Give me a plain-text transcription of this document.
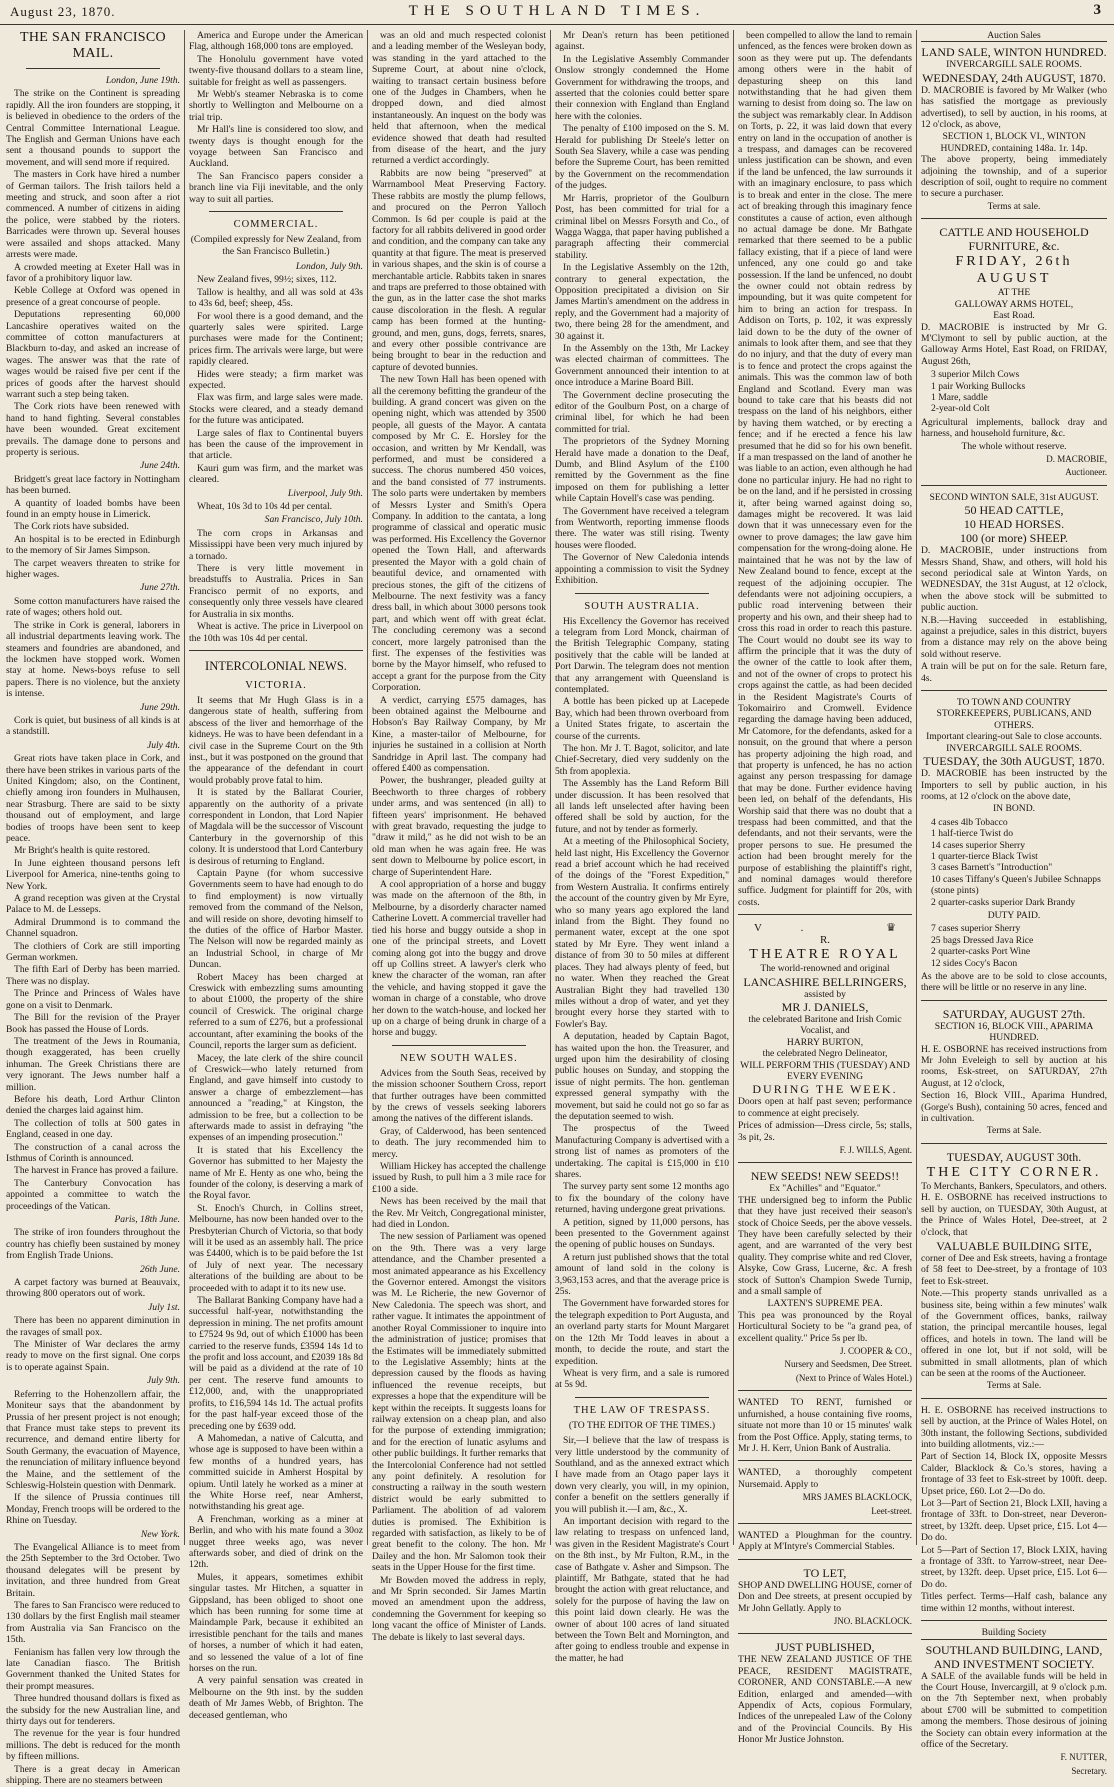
August 23, 1870.	THE SOUTHLAND TIMES.	3
THE SAN FRANCISCO MAIL.

London, June 19th.

The strike on the Continent is spreading rapidly. All the iron founders are stopping, it is believed in obedience to the orders of the Central Committee International League. The English and German Unions have each sent a thousand pounds to support the movement, and will send more if required.

The masters in Cork have hired a number of German tailors. The Irish tailors held a meeting and struck, and soon after a riot commenced. A number of citizens in aiding the police, were stabbed by the rioters. Barricades were thrown up. Several houses were assailed and shops attacked. Many arrests were made.

A crowded meeting at Exeter Hall was in favor of a prohibitory liquor law.

Keble College at Oxford was opened in presence of a great concourse of people.

Deputations representing 60,000 Lancashire operatives waited on the committee of cotton manufacturers at Blackburn to-day, and asked an increase of wages. The answer was that the rate of wages would be raised five per cent if the prices of goods after the harvest should warrant such a step being taken.

The Cork riots have been renewed with hand to hand fighting. Several constables have been wounded. Great excitement prevails. The damage done to persons and property is serious.

June 24th.

Bridgett's great lace factory in Nottingham has been burned.

A quantity of loaded bombs have been found in an empty house in Limerick.

The Cork riots have subsided.

An hospital is to be erected in Edinburgh to the memory of Sir James Simpson.

The carpet weavers threaten to strike for higher wages.

June 27th.

Some cotton manufacturers have raised the rate of wages; others hold out.

The strike in Cork is general, laborers in all industrial departments leaving work. The steamers and foundries are abandoned, and the lockmen have stopped work. Women stay at home. News-boys refuse to sell papers. There is no violence, but the anxiety is intense.

June 29th.

Cork is quiet, but business of all kinds is at a standstill.

July 4th.

Great riots have taken place in Cork, and there have been strikes in various parts of the United Kingdom; also, on the Continent, chiefly among iron founders in Mulhausen, near Strasburg. There are said to be sixty thousand out of employment, and large bodies of troops have been sent to keep peace.

Mr Bright's health is quite restored.

In June eighteen thousand persons left Liverpool for America, nine-tenths going to New York.

A grand reception was given at the Crystal Palace to M. de Lesseps.

Admiral Drummond is to command the Channel squadron.

The clothiers of Cork are still importing German workmen.

The fifth Earl of Derby has been married. There was no display.

The Prince and Princess of Wales have gone on a visit to Denmark.

The Bill for the revision of the Prayer Book has passed the House of Lords.

The treatment of the Jews in Roumania, though exaggerated, has been cruelly inhuman. The Greek Christians there are very ignorant. The Jews number half a million.

Before his death, Lord Arthur Clinton denied the charges laid against him.

The collection of tolls at 500 gates in England, ceased in one day.

The construction of a canal across the Isthmus of Corinth is announced.

The harvest in France has proved a failure.

The Canterbury Convocation has appointed a committee to watch the proceedings of the Vatican.

Paris, 18th June.

The strike of iron founders throughout the country has chiefly been sustained by money from English Trade Unions.

26th June.

A carpet factory was burned at Beauvaix, throwing 800 operators out of work.

July 1st.

There has been no apparent diminution in the ravages of small pox.

The Minister of War declares the army ready to move on the first signal. One corps is to operate against Spain.

July 9th.

Referring to the Hohenzollern affair, the Moniteur says that the abandonment by Prussia of her present project is not enough; that France must take steps to prevent its recurrence, and demand entire liberty for South Germany, the evacuation of Mayence, the renunciation of military influence beyond the Maine, and the settlement of the Schleswig-Holstein question with Denmark.

If the silence of Prussia continues till Monday, French troops will be ordered to the Rhine on Tuesday.

New York.

The Evangelical Alliance is to meet from the 25th September to the 3rd October. Two thousand delegates will be present by invitation, and three hundred from Great Britain.

The fares to San Francisco were reduced to 130 dollars by the first English mail steamer from Australia via San Francisco on the 15th.

Fenianism has fallen very low through the late Canadian fiasco. The British Government thanked the United States for their prompt measures.

Three hundred thousand dollars is fixed as the subsidy for the new Australian line, and thirty days out for tenderers.

The revenue for the year is four hundred millions. The debt is reduced for the month by fifteen millions.

There is a great decay in American shipping. There are no steamers between

America and Europe under the American Flag, although 168,000 tons are employed.

The Honolulu government have voted twenty-five thousand dollars to a steam line, suitable for freight as well as passengers.

Mr Webb's steamer Nebraska is to come shortly to Wellington and Melbourne on a trial trip.

Mr Hall's line is considered too slow, and twenty days is thought enough for the voyage between San Francisco and Auckland.

The San Francisco papers consider a branch line via Fiji inevitable, and the only way to suit all parties.

COMMERCIAL.

(Compiled expressly for New Zealand, from the San Francisco Bulletin.)

London, July 9th.

New Zealand fives, 99½; sixes, 112.

Tallow is healthy, and all was sold at 43s to 43s 6d, beef; sheep, 45s.

For wool there is a good demand, and the quarterly sales were spirited. Large purchases were made for the Continent; prices firm. The arrivals were large, but were rapidly cleared.

Hides were steady; a firm market was expected.

Flax was firm, and large sales were made. Stocks were cleared, and a steady demand for the future was anticipated.

Large sales of flax to Continental buyers has been the cause of the improvement in that article.

Kauri gum was firm, and the market was cleared.

Liverpool, July 9th.

Wheat, 10s 3d to 10s 4d per cental.

San Francisco, July 10th.

The corn crops in Arkansas and Mississippi have been very much injured by a tornado.

There is very little movement in breadstuffs to Australia. Prices in San Francisco permit of no exports, and consequently only three vessels have cleared for Australia in six months.

Wheat is active. The price in Liverpool on the 10th was 10s 4d per cental.

INTERCOLONIAL NEWS.
VICTORIA.

It seems that Mr Hugh Glass is in a dangerous state of health, suffering from abscess of the liver and hemorrhage of the kidneys. He was to have been defendant in a civil case in the Supreme Court on the 9th inst., but it was postponed on the ground that the appearance of the defendant in court would probably prove fatal to him.

It is stated by the Ballarat Courier, apparently on the authority of a private correspondent in London, that Lord Napier of Magdala will be the successor of Viscount Canterbury in the governorship of this colony. It is understood that Lord Canterbury is desirous of returning to England.

Captain Payne (for whom successive Governments seem to have had enough to do to find employment) is now virtually removed from the command of the Nelson, and will reside on shore, devoting himself to the duties of the office of Harbor Master. The Nelson will now be regarded mainly as an Industrial School, in charge of Mr Duncan.

Robert Macey has been charged at Creswick with embezzling sums amounting to about £1000, the property of the shire council of Creswick. The original charge referred to a sum of £276, but a professional accountant, after examining the books of the Council, reports the larger sum as deficient.

Macey, the late clerk of the shire council of Creswick—who lately returned from England, and gave himself into custody to answer a charge of embezzlement—has announced a "reading," at Kingston, the admission to be free, but a collection to be afterwards made to assist in defraying "the expenses of an impending prosecution."

It is stated that his Excellency the Governor has submitted to her Majesty the name of Mr E. Henty as one who, being the founder of the colony, is deserving a mark of the Royal favor.

St. Enoch's Church, in Collins street, Melbourne, has now been handed over to the Presbyterian Church of Victoria, so that body will it be used as an assembly hall. The price was £4400, which is to be paid before the 1st of July of next year. The necessary alterations of the building are about to be proceeded with to adapt it to its new use.

The Ballarat Banking Company have had a successful half-year, notwithstanding the depression in mining. The net profits amount to £7524 9s 9d, out of which £1000 has been carried to the reserve funds, £3594 14s 1d to the profit and loss account, and £2039 18s 8d will be paid as a dividend at the rate of 10 per cent. The reserve fund amounts to £12,000, and, with the unappropriated profits, to £16,594 14s 1d. The actual profits for the past half-year exceed those of the preceding one by £639 odd.

A Mahomedan, a native of Calcutta, and whose age is supposed to have been within a few months of a hundred years, has committed suicide in Amherst Hospital by opium. Until lately he worked as a miner at the White Horse reef, near Amherst, notwithstanding his great age.

A Frenchman, working as a miner at Berlin, and who with his mate found a 30oz nugget three weeks ago, was never afterwards sober, and died of drink on the 12th.

Mules, it appears, sometimes exhibit singular tastes. Mr Hitchen, a squatter in Gippsland, has been obliged to shoot one which has been running for some time at Maindample Park, because it exhibited an irresistible penchant for the tails and manes of horses, a number of which it had eaten, and so lessened the value of a lot of fine horses on the run.

A very painful sensation was created in Melbourne on the 9th inst. by the sudden death of Mr James Webb, of Brighton. The deceased gentleman, who

was an old and much respected colonist and a leading member of the Wesleyan body, was standing in the yard attached to the Supreme Court, at about nine o'clock, waiting to transact certain business before one of the Judges in Chambers, when he dropped down, and died almost instantaneously. An inquest on the body was held that afternoon, when the medical evidence showed that death had resulted from disease of the heart, and the jury returned a verdict accordingly.

Rabbits are now being "preserved" at Warrnambool Meat Preserving Factory. These rabbits are mostly the plump fellows, and procured on the Perron Yalloch Common. Is 6d per couple is paid at the factory for all rabbits delivered in good order and condition, and the company can take any quantity at that figure. The meat is preserved in various shapes, and the skin is of course a merchantable article. Rabbits taken in snares and traps are preferred to those obtained with the gun, as in the latter case the shot marks cause discoloration in the flesh. A regular camp has been formed at the hunting-ground, and men, guns, dogs, ferrets, snares, and every other possible contrivance are being brought to bear in the reduction and capture of devoted bunnies.

The new Town Hall has been opened with all the ceremony befitting the grandeur of the building. A grand concert was given on the opening night, which was attended by 3500 people, all guests of the Mayor. A cantata composed by Mr C. E. Horsley for the occasion, and written by Mr Kendall, was performed, and must be considered a success. The chorus numbered 450 voices, and the band consisted of 77 instruments. The solo parts were undertaken by members of Messrs Lyster and Smith's Opera Company. In addition to the cantata, a long programme of classical and operatic music was performed. His Excellency the Governor opened the Town Hall, and afterwards presented the Mayor with a gold chain of beautiful device, and ornamented with precious stones, the gift of the citizens of Melbourne. The next festivity was a fancy dress ball, in which about 3000 persons took part, and which went off with great éclat. The concluding ceremony was a second concert, more largely patronised than the first. The expenses of the festivities was borne by the Mayor himself, who refused to accept a grant for the purpose from the City Corporation.

A verdict, carrying £575 damages, has been obtained against the Melbourne and Hobson's Bay Railway Company, by Mr Kine, a master-tailor of Melbourne, for injuries he sustained in a collision at North Sandridge in April last. The company had offered £400 as compensation.

Power, the bushranger, pleaded guilty at Beechworth to three charges of robbery under arms, and was sentenced (in all) to fifteen years' imprisonment. He behaved with great bravado, requesting the judge to "draw it mild," as he did not wish to be an old man when he was again free. He was sent down to Melbourne by police escort, in charge of Superintendent Hare.

A cool appropriation of a horse and buggy was made on the afternoon of the 8th, in Melbourne, by a disorderly character named Catherine Lovett. A commercial traveller had tied his horse and buggy outside a shop in one of the principal streets, and Lovett coming along got into the buggy and drove off up Collins street. A lawyer's clerk who knew the character of the woman, ran after the vehicle, and having stopped it gave the woman in charge of a constable, who drove her down to the watch-house, and locked her up on a charge of being drunk in charge of a horse and buggy.

NEW SOUTH WALES.

Advices from the South Seas, received by the mission schooner Southern Cross, report that further outrages have been committed by the crews of vessels seeking laborers among the natives of the different islands.

Gray, of Calderwood, has been sentenced to death. The jury recommended him to mercy.

William Hickey has accepted the challenge issued by Rush, to pull him a 3 mile race for £100 a side.

News has been received by the mail that the Rev. Mr Veitch, Congregational minister, had died in London.

The new session of Parliament was opened on the 9th. There was a very large attendance, and the Chamber presented a most animated appearance as his Excellency the Governor entered. Amongst the visitors was M. Le Richerie, the new Governor of New Caledonia. The speech was short, and rather vague. It intimates the appointment of another Royal Commissioner to inquire into the administration of justice; promises that the Estimates will be immediately submitted to the Legislative Assembly; hints at the depression caused by the floods as having influenced the revenue receipts, but expresses a hope that the expenditure will be kept within the receipts. It suggests loans for railway extension on a cheap plan, and also for the purpose of extending immigration; and for the erection of lunatic asylums and other public buildings. It further remarks that the Intercolonial Conference had not settled any point definitely. A resolution for constructing a railway in the south western district would be early submitted to Parliament. The abolition of ad valorem duties is promised. The Exhibition is regarded with satisfaction, as likely to be of great benefit to the colony. The hon. Mr Dailey and the hon. Mr Salomon took their seats in the Upper House for the first time.

Mr Bowden moved the address in reply, and Mr Sprin seconded. Sir James Martin moved an amendment upon the address, condemning the Government for keeping so long vacant the office of Minister of Lands. The debate is likely to last several days.

Mr Dean's return has been petitioned against.

In the Legislative Assembly Commander Onslow strongly condemned the Home Government for withdrawing the troops, and asserted that the colonies could better spare their connexion with England than England here with the colonies.

The penalty of £100 imposed on the S. M. Herald for publishing Dr Steele's letter on South Sea Slavery, while a case was pending before the Supreme Court, has been remitted by the Government on the recommendation of the judges.

Mr Harris, proprietor of the Goulburn Post, has been committed for trial for a criminal libel on Messrs Forsyth and Co., of Wagga Wagga, that paper having published a paragraph affecting their commercial stability.

In the Legislative Assembly on the 12th, contrary to general expectation, the Opposition precipitated a division on Sir James Martin's amendment on the address in reply, and the Government had a majority of two, there being 28 for the amendment, and 30 against it.

In the Assembly on the 13th, Mr Lackey was elected chairman of committees. The Government announced their intention to at once introduce a Marine Board Bill.

The Government decline prosecuting the editor of the Goulburn Post, on a charge of criminal libel, for which he had been committed for trial.

The proprietors of the Sydney Morning Herald have made a donation to the Deaf, Dumb, and Blind Asylum of the £100 remitted by the Government as the fine imposed on them for publishing a letter while Captain Hovell's case was pending.

The Government have received a telegram from Wentworth, reporting immense floods there. The water was still rising. Twenty houses were flooded.

The Governor of New Caledonia intends appointing a commission to visit the Sydney Exhibition.

SOUTH AUSTRALIA.

His Excellency the Governor has received a telegram from Lord Monck, chairman of the British Telegraphic Company, stating positively that the cable will be landed at Port Darwin. The telegram does not mention that any arrangement with Queensland is contemplated.

A bottle has been picked up at Lacepede Bay, which had been thrown overboard from a United States frigate, to ascertain the course of the currents.

The hon. Mr J. T. Bagot, solicitor, and late Chief-Secretary, died very suddenly on the 5th from apoplexia.

The Assembly has the Land Reform Bill under discussion. It has been resolved that all lands left unselected after having been offered shall be sold by auction, for the future, and not by tender as formerly.

At a meeting of the Philosophical Society, held last night, His Excellency the Governor read a brief account which he had received of the doings of the "Forest Expedition," from Western Australia. It confirms entirely the account of the country given by Mr Eyre, who so many years ago explored the land inland from the Bight. They found no permanent water, except at the one spot stated by Mr Eyre. They went inland a distance of from 30 to 50 miles at different places. They had always plenty of feed, but no water. When they reached the Great Australian Bight they had travelled 130 miles without a drop of water, and yet they brought every horse they started with to Fowler's Bay.

A deputation, headed by Captain Bagot, has waited upon the hon. the Treasurer, and urged upon him the desirability of closing public houses on Sunday, and stopping the issue of night permits. The hon. gentleman expressed general sympathy with the movement, but said he could not go so far as the deputation seemed to wish.

The prospectus of the Tweed Manufacturing Company is advertised with a strong list of names as promoters of the undertaking. The capital is £15,000 in £10 shares.

The survey party sent some 12 months ago to fix the boundary of the colony have returned, having undergone great privations.

A petition, signed by 11,000 persons, has been presented to the Government against the opening of public houses on Sundays.

A return just published shows that the total amount of land sold in the colony is 3,963,153 acres, and that the average price is 25s.

The Government have forwarded stores for the telegraph expedition to Port Augusta, and an overland party starts for Mount Margaret on the 12th Mr Todd leaves in about a month, to decide the route, and start the expedition.

Wheat is very firm, and a sale is rumored at 5s 9d.

THE LAW OF TRESPASS.

(TO THE EDITOR OF THE TIMES.)

Sir,—I believe that the law of trespass is very little understood by the community of Southland, and as the annexed extract which I have made from an Otago paper lays it down very clearly, you will, in my opinion, confer a benefit on the settlers generally if you will publish it.—I am, &c., X.

An important decision with regard to the law relating to trespass on unfenced land, was given in the Resident Magistrate's Court on the 8th inst., by Mr Fulton, R.M., in the case of Bathgate v. Asher and Simpson. The plaintiff, Mr Bathgate, stated that he had brought the action with great reluctance, and solely for the purpose of having the law on this point laid down clearly. He was the owner of about 100 acres of land situated between the Town Belt and Mornington, and after going to endless trouble and expense in the matter, he had

been compelled to allow the land to remain unfenced, as the fences were broken down as soon as they were put up. The defendants among others were in the habit of depasturing sheep on this land notwithstanding that he had given them warning to desist from doing so. The law on the subject was remarkably clear. In Addison on Torts, p. 22, it was laid down that every entry on land in the occupation of another is a trespass, and damages can be recovered unless justification can be shown, and even if the land be unfenced, the law surrounds it with an imaginary enclosure, to pass which is to break and enter in the close. The mere act of breaking through this imaginary fence constitutes a cause of action, even although no actual damage be done. Mr Bathgate remarked that there seemed to be a public fallacy existing, that if a piece of land were unfenced, any one could go and take possession. If the land be unfenced, no doubt the owner could not obtain redress by impounding, but it was quite competent for him to bring an action for trespass. In Addison on Torts, p. 102, it was expressly laid down to be the duty of the owner of animals to look after them, and see that they do no injury, and that the duty of every man is to fence and protect the crops against the animals. This was the common law of both England and Scotland. Every man was bound to take care that his beasts did not trespass on the land of his neighbors, either by having them watched, or by erecting a fence; and if he erected a fence his law presumed that he did so for his own benefit. If a man trespassed on the land of another he was liable to an action, even although he had done no particular injury. He had no right to be on the land, and if he persisted in crossing it, after being warned against doing so, damages might be recovered. It was laid down that it was unnecessary even for the owner to prove damages; the law gave him compensation for the wrong-doing alone. He maintained that he was not by the law of New Zealand bound to fence, except at the request of the adjoining occupier. The defendants were not adjoining occupiers, a public road intervening between their property and his own, and their sheep had to cross this road in order to reach this pasture. The Court would no doubt see its way to affirm the principle that it was the duty of the owner of the cattle to look after them, and not of the owner of crops to protect his crops against the cattle, as had been decided in the Resident Magistrate's Courts of Tokomairiro and Cromwell. Evidence regarding the damage having been adduced, Mr Catomore, for the defendants, asked for a nonsuit, on the ground that where a person has property adjoining the high road, and that property is unfenced, he has no action against any person trespassing for damage that may be done. Further evidence having been led, on behalf of the defendants, His Worship said that there was no doubt that a trespass had been committed, and that the defendants, and not their servants, were the proper persons to sue. He presumed the action had been brought merely for the purpose of establishing the plaintiff's right, and nominal damages would therefore suffice. Judgment for plaintiff for 20s, with costs.

V.	♛ R.
THEATRE ROYAL
The world-renowned and original
LANCASHIRE BELLRINGERS,
assisted by
MR J. DANIELS,
the celebrated Baritone and Irish Comic Vocalist, and
HARRY BURTON,
the celebrated Negro Delineator,
WILL PERFORM THIS (TUESDAY) AND EVERY EVENING
DURING THE WEEK.

Doors open at half past seven; performance to commence at eight precisely.

Prices of admission—Dress circle, 5s; stalls, 3s pit, 2s.

F. J. WILLS, Agent.
NEW SEEDS! NEW SEEDS!!
Ex "Achilles" and "Equator."

THE undersigned beg to inform the Public that they have just received their season's stock of Choice Seeds, per the above vessels. They have been carefully selected by their agent, and are warranted of the very best quality. They comprise white and red Clover, Alsyke, Cow Grass, Lucerne, &c. A fresh stock of Sutton's Champion Swede Turnip, and a small sample of

LAXTEN'S SUPREME PEA.

This pea was pronounced by the Royal Horticultural Society to be "a grand pea, of excellent quality." Price 5s per lb.

J. COOPER & CO.,
Nursery and Seedsmen, Dee Street.
(Next to Prince of Wales Hotel.)

WANTED TO RENT, furnished or unfurnished, a house containing five rooms, situate not more than 10 or 15 minutes' walk from the Post Office. Apply, stating terms, to Mr J. H. Kerr, Union Bank of Australia.

WANTED, a thoroughly competent Nursemaid. Apply to

MRS JAMES BLACKLOCK,
Leet-street.

WANTED a Ploughman for the country. Apply at M'Intyre's Commercial Stables.

TO LET,

SHOP AND DWELLING HOUSE, corner of Don and Dee streets, at present occupied by Mr John Gellatly. Apply to

JNO. BLACKLOCK.
JUST PUBLISHED,

THE NEW ZEALAND JUSTICE OF THE PEACE, RESIDENT MAGISTRATE, CORONER, AND CONSTABLE.—A new Edition, enlarged and amended—with Appendix of Acts, copious Formulary, Indices of the unrepealed Law of the Colony and of the Provincial Councils. By His Honor Mr Justice Johnston.

Auction Sales
LAND SALE, WINTON HUNDRED.
INVERCARGILL SALE ROOMS.
WEDNESDAY, 24th AUGUST, 1870.

D. MACROBIE is favored by Mr Walker (who has satisfied the mortgage as previously advertised), to sell by auction, in his rooms, at 12 o'clock, as above,

SECTION 1, BLOCK VI., WINTON HUNDRED, containing 148a. 1r. 14p.

The above property, being immediately adjoining the township, and of a superior description of soil, ought to require no comment to secure a purchaser.

Terms at sale.
CATTLE AND HOUSEHOLD FURNITURE, &c.
FRIDAY, 26th AUGUST
AT THE
GALLOWAY ARMS HOTEL,
East Road.

D. MACROBIE is instructed by Mr G. M'Clymont to sell by public auction, at the Galloway Arms Hotel, East Road, on FRIDAY, August 26th,

3 superior Milch Cows
1 pair Working Bullocks
1 Mare, saddle
2-year-old Colt

Agricultural implements, ballock dray and harness, and household furniture, &c.

The whole without reserve.
D. MACROBIE,
Auctioneer.
SECOND WINTON SALE, 31st AUGUST.
50 HEAD CATTLE,
10 HEAD HORSES.
100 (or more) SHEEP.

D. MACROBIE, under instructions from Messrs Shand, Shaw, and others, will hold his second periodical sale at Winton Yards, on WEDNESDAY, the 31st August, at 12 o'clock, when the above stock will be submitted to public auction.

N.B.—Having succeeded in establishing, against a prejudice, sales in this district, buyers from a distance may rely on the above being sold without reserve.

A train will be put on for the sale. Return fare, 4s.

TO TOWN AND COUNTRY STOREKEEPERS, PUBLICANS, AND OTHERS.
Important clearing-out Sale to close accounts.
INVERCARGILL SALE ROOMS.
TUESDAY, the 30th AUGUST, 1870.

D. MACROBIE has been instructed by the Importers to sell by public auction, in his rooms, at 12 o'clock on the above date,

IN BOND.
4 cases 4lb Tobacco
1 half-tierce Twist do
14 cases superior Sherry
1 quarter-tierce Black Twist
3 cases Barnett's "Introduction"
10 cases Tiffany's Queen's Jubilee Schnapps (stone pints)
2 quarter-casks superior Dark Brandy
DUTY PAID.
7 cases superior Sherry
25 bags Dressed Java Rice
2 quarter-casks Port Wine
12 sides Cocy's Bacon

As the above are to be sold to close accounts, there will be little or no reserve in any line.

SATURDAY, AUGUST 27th.
SECTION 16, BLOCK VIII., APARIMA HUNDRED.

H. E. OSBORNE has received instructions from Mr John Eveleigh to sell by auction at his rooms, Esk-street, on SATURDAY, 27th August, at 12 o'clock,

Section 16, Block VIII., Aparima Hundred, (Gorge's Bush), containing 50 acres, fenced and in cultivation.

Terms at Sale.
TUESDAY, AUGUST 30th.
THE CITY CORNER.
To Merchants, Bankers, Speculators, and others.

H. E. OSBORNE has received instructions to sell by auction, on TUESDAY, 30th August, at the Prince of Wales Hotel, Dee-street, at 2 o'clock, that

VALUABLE BUILDING SITE,

corner of Dee and Esk streets, having a frontage of 58 feet to Dee-street, by a frontage of 103 feet to Esk-street.

Note.—This property stands unrivalled as a business site, being within a few minutes' walk of the Government offices, banks, railway station, the principal mercantile houses, legal offices, and hotels in town. The land will be offered in one lot, but if not sold, will be submitted in small allotments, plan of which can be seen at the rooms of the Auctioneer.

Terms at Sale.

H. E. OSBORNE has received instructions to sell by auction, at the Prince of Wales Hotel, on 30th instant, the following Sections, subdivided into building allotments, viz.:—

Part of Section 14, Block IX, opposite Messrs Calder, Blacklock & Co.'s stores, having a frontage of 33 feet to Esk-street by 100ft. deep. Upset price, £60. Lot 2—Do do.

Lot 3—Part of Section 21, Block LXII, having a frontage of 33ft. to Don-street, near Deveron-street, by 132ft. deep. Upset price, £15. Lot 4—Do do.

Lot 5—Part of Section 17, Block LXIX, having a frontage of 33ft. to Yarrow-street, near Dee-street, by 132ft. deep. Upset price, £15. Lot 6—Do do.

Titles perfect. Terms—Half cash, balance any time within 12 months, without interest.

Building Society
SOUTHLAND BUILDING, LAND, AND INVESTMENT SOCIETY.

A SALE of the available funds will be held in the Court House, Invercargill, at 9 o'clock p.m. on the 7th September next, when probably about £700 will be submitted to competition among the members. Those desirous of joining the Society can obtain every information at the office of the Secretary.

F. NUTTER,
Secretary.
